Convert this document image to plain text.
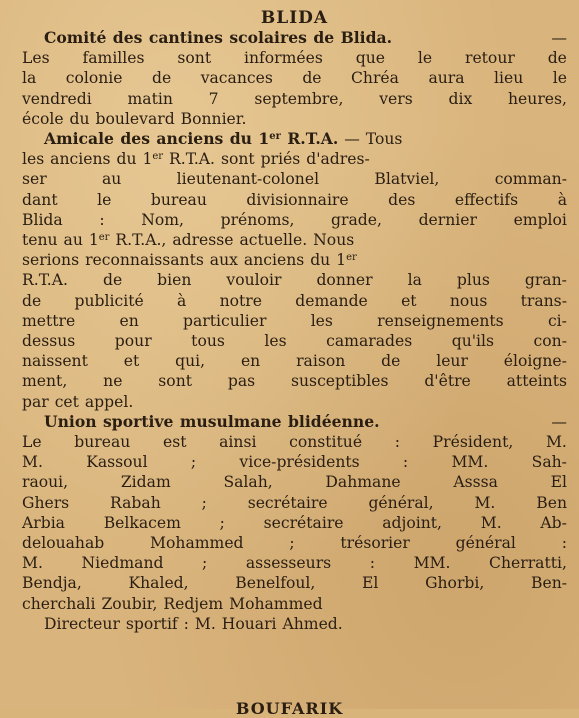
BLIDA
Comité des cantines scolaires de Blida.	—
Les familles sont informées que le retour de
la colonie de vacances de Chréa aura lieu le
vendredi matin 7 septembre, vers dix heures,
école du boulevard Bonnier.
Amicale des anciens du 1er R.T.A. — Tous
les anciens du 1er R.T.A. sont priés d'adres-
ser	au	lieutenant-colonel	Blatviel,	comman-
dant	le	bureau	divisionnaire	des	effectifs	à
Blida : Nom, prénoms, grade, dernier emploi
tenu au 1er R.T.A., adresse actuelle. Nous
serions reconnaissants aux anciens du 1er
R.T.A. de bien vouloir donner la plus gran-
de publicité à notre demande et nous trans-
mettre	en	particulier	les	renseignements	ci-
dessus	pour	tous	les	camarades	qu'ils	con-
naissent et qui, en raison de leur éloigne-
ment, ne sont pas susceptibles d'être atteints
par cet appel.
Union sportive musulmane blidéenne.	—
Le bureau est ainsi constitué : Président, M.
M.	Kassoul	;	vice-présidents	:	MM.	Sah-
raoui,	Zidam	Salah,	Dahmane	Asssa	El
Ghers	Rabah	;	secrétaire	général,	M.	Ben
Arbia Belkacem ; secrétaire adjoint, M. Ab-
delouahab	Mohammed	;	trésorier	général	:
M. Niedmand ; assesseurs : MM. Cherratti,
Bendja,	Khaled,	Benelfoul,	El	Ghorbi,	Ben-
cherchali Zoubir, Redjem Mohammed
Directeur sportif : M. Houari Ahmed.
BOUFARIK
